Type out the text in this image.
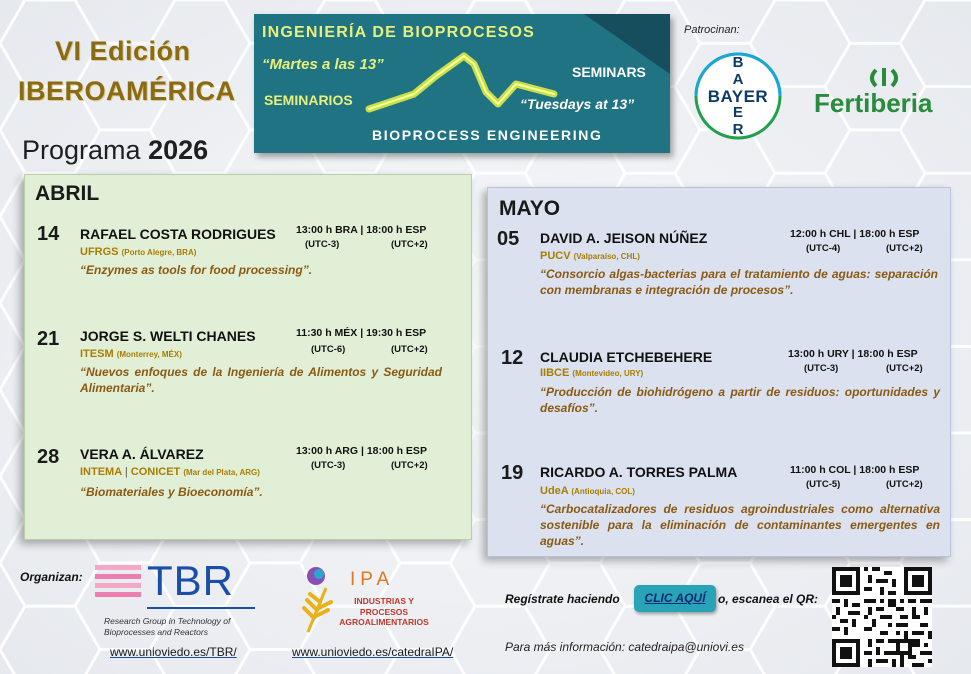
VI Edición
IBEROAMÉRICA
Programa 2026
INGENIERÍA DE BIOPROCESOS
“Martes a las 13”
SEMINARIOS
SEMINARS
“Tuesdays at 13”
BIOPROCESS ENGINEERING
Patrocinan:
BAYER
B
A
E
R
Fertiberia
ABRIL
14 RAFAEL COSTA RODRIGUES 13:00 h BRA | 18:00 h ESP
(UTC-3)	(UTC+2)
UFRGS (Porto Alegre, BRA)
“Enzymes as tools for food processing”.
21 JORGE S. WELTI CHANES	11:30 h MÉX | 19:30 h ESP
(UTC-6)	(UTC+2)
ITESM (Monterrey, MÉX)
“Nuevos enfoques de la Ingeniería de Alimentos y Seguridad Alimentaria”.
28 VERA A. ÁLVAREZ	13:00 h ARG | 18:00 h ESP
(UTC-3)	(UTC+2)
INTEMA | CONICET (Mar del Plata, ARG)
“Biomateriales y Bioeconomía”.
MAYO
05 DAVID A. JEISON NÚÑEZ	12:00 h CHL | 18:00 h ESP
(UTC-4)	(UTC+2)
PUCV (Valparaíso, CHL)
“Consorcio algas-bacterias para el tratamiento de aguas: separación con membranas e integración de procesos”.
12 CLAUDIA ETCHEBEHERE	13:00 h URY | 18:00 h ESP
(UTC-3)	(UTC+2)
IIBCE (Montevideo, URY)
“Producción de biohidrógeno a partir de residuos: oportunidades y desafíos”.
19 RICARDO A. TORRES PALMA	11:00 h COL | 18:00 h ESP
(UTC-5)	(UTC+2)
UdeA (Antioquia, COL)
“Carbocatalizadores de residuos agroindustriales como alternativa sostenible para la eliminación de contaminantes emergentes en aguas”.
Organizan: TBR
Research Group in Technology of Bioprocesses and Reactors
www.unioviedo.es/TBR/
IPA
INDUSTRIAS Y PROCESOS AGROALIMENTARIOS
www.unioviedo.es/catedraIPA/
Regístrate haciendo	CLIC AQUÍ	o, escanea el QR:
Para más información: catedraipa@uniovi.es
